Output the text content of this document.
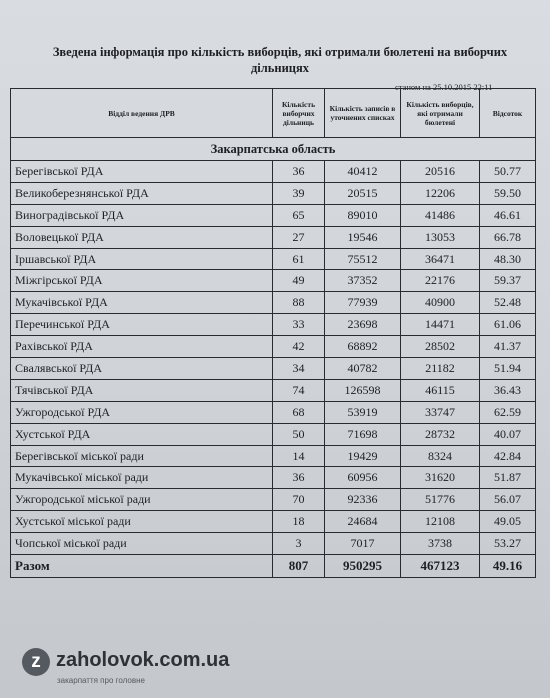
Зведена інформація про кількість виборців, які отримали бюлетені на виборчих дільницях
станом на 25.10.2015 22:11
Відділ ведення ДРВ	Кількість виборчих дільниць	Кількість записів в уточнених списках	Кількість виборців, які отримали бюлетені	Відсоток
Закарпатська область				
Берегівської РДА	36	40412	20516	50.77
Великоберезнянської РДА	39	20515	12206	59.50
Виноградівської РДА	65	89010	41486	46.61
Воловецької РДА	27	19546	13053	66.78
Іршавської РДА	61	75512	36471	48.30
Міжгірської РДА	49	37352	22176	59.37
Мукачівської РДА	88	77939	40900	52.48
Перечинської РДА	33	23698	14471	61.06
Рахівської РДА	42	68892	28502	41.37
Свалявської РДА	34	40782	21182	51.94
Тячівської РДА	74	126598	46115	36.43
Ужгородської РДА	68	53919	33747	62.59
Хустської РДА	50	71698	28732	40.07
Берегівської міської ради	14	19429	8324	42.84
Мукачівської міської ради	36	60956	31620	51.87
Ужгородської міської ради	70	92336	51776	56.07
Хустської міської ради	18	24684	12108	49.05
Чопської міської ради	3	7017	3738	53.27
Разом	807	950295	467123	49.16
z zaholovok.com.ua
закарпаття про головне
